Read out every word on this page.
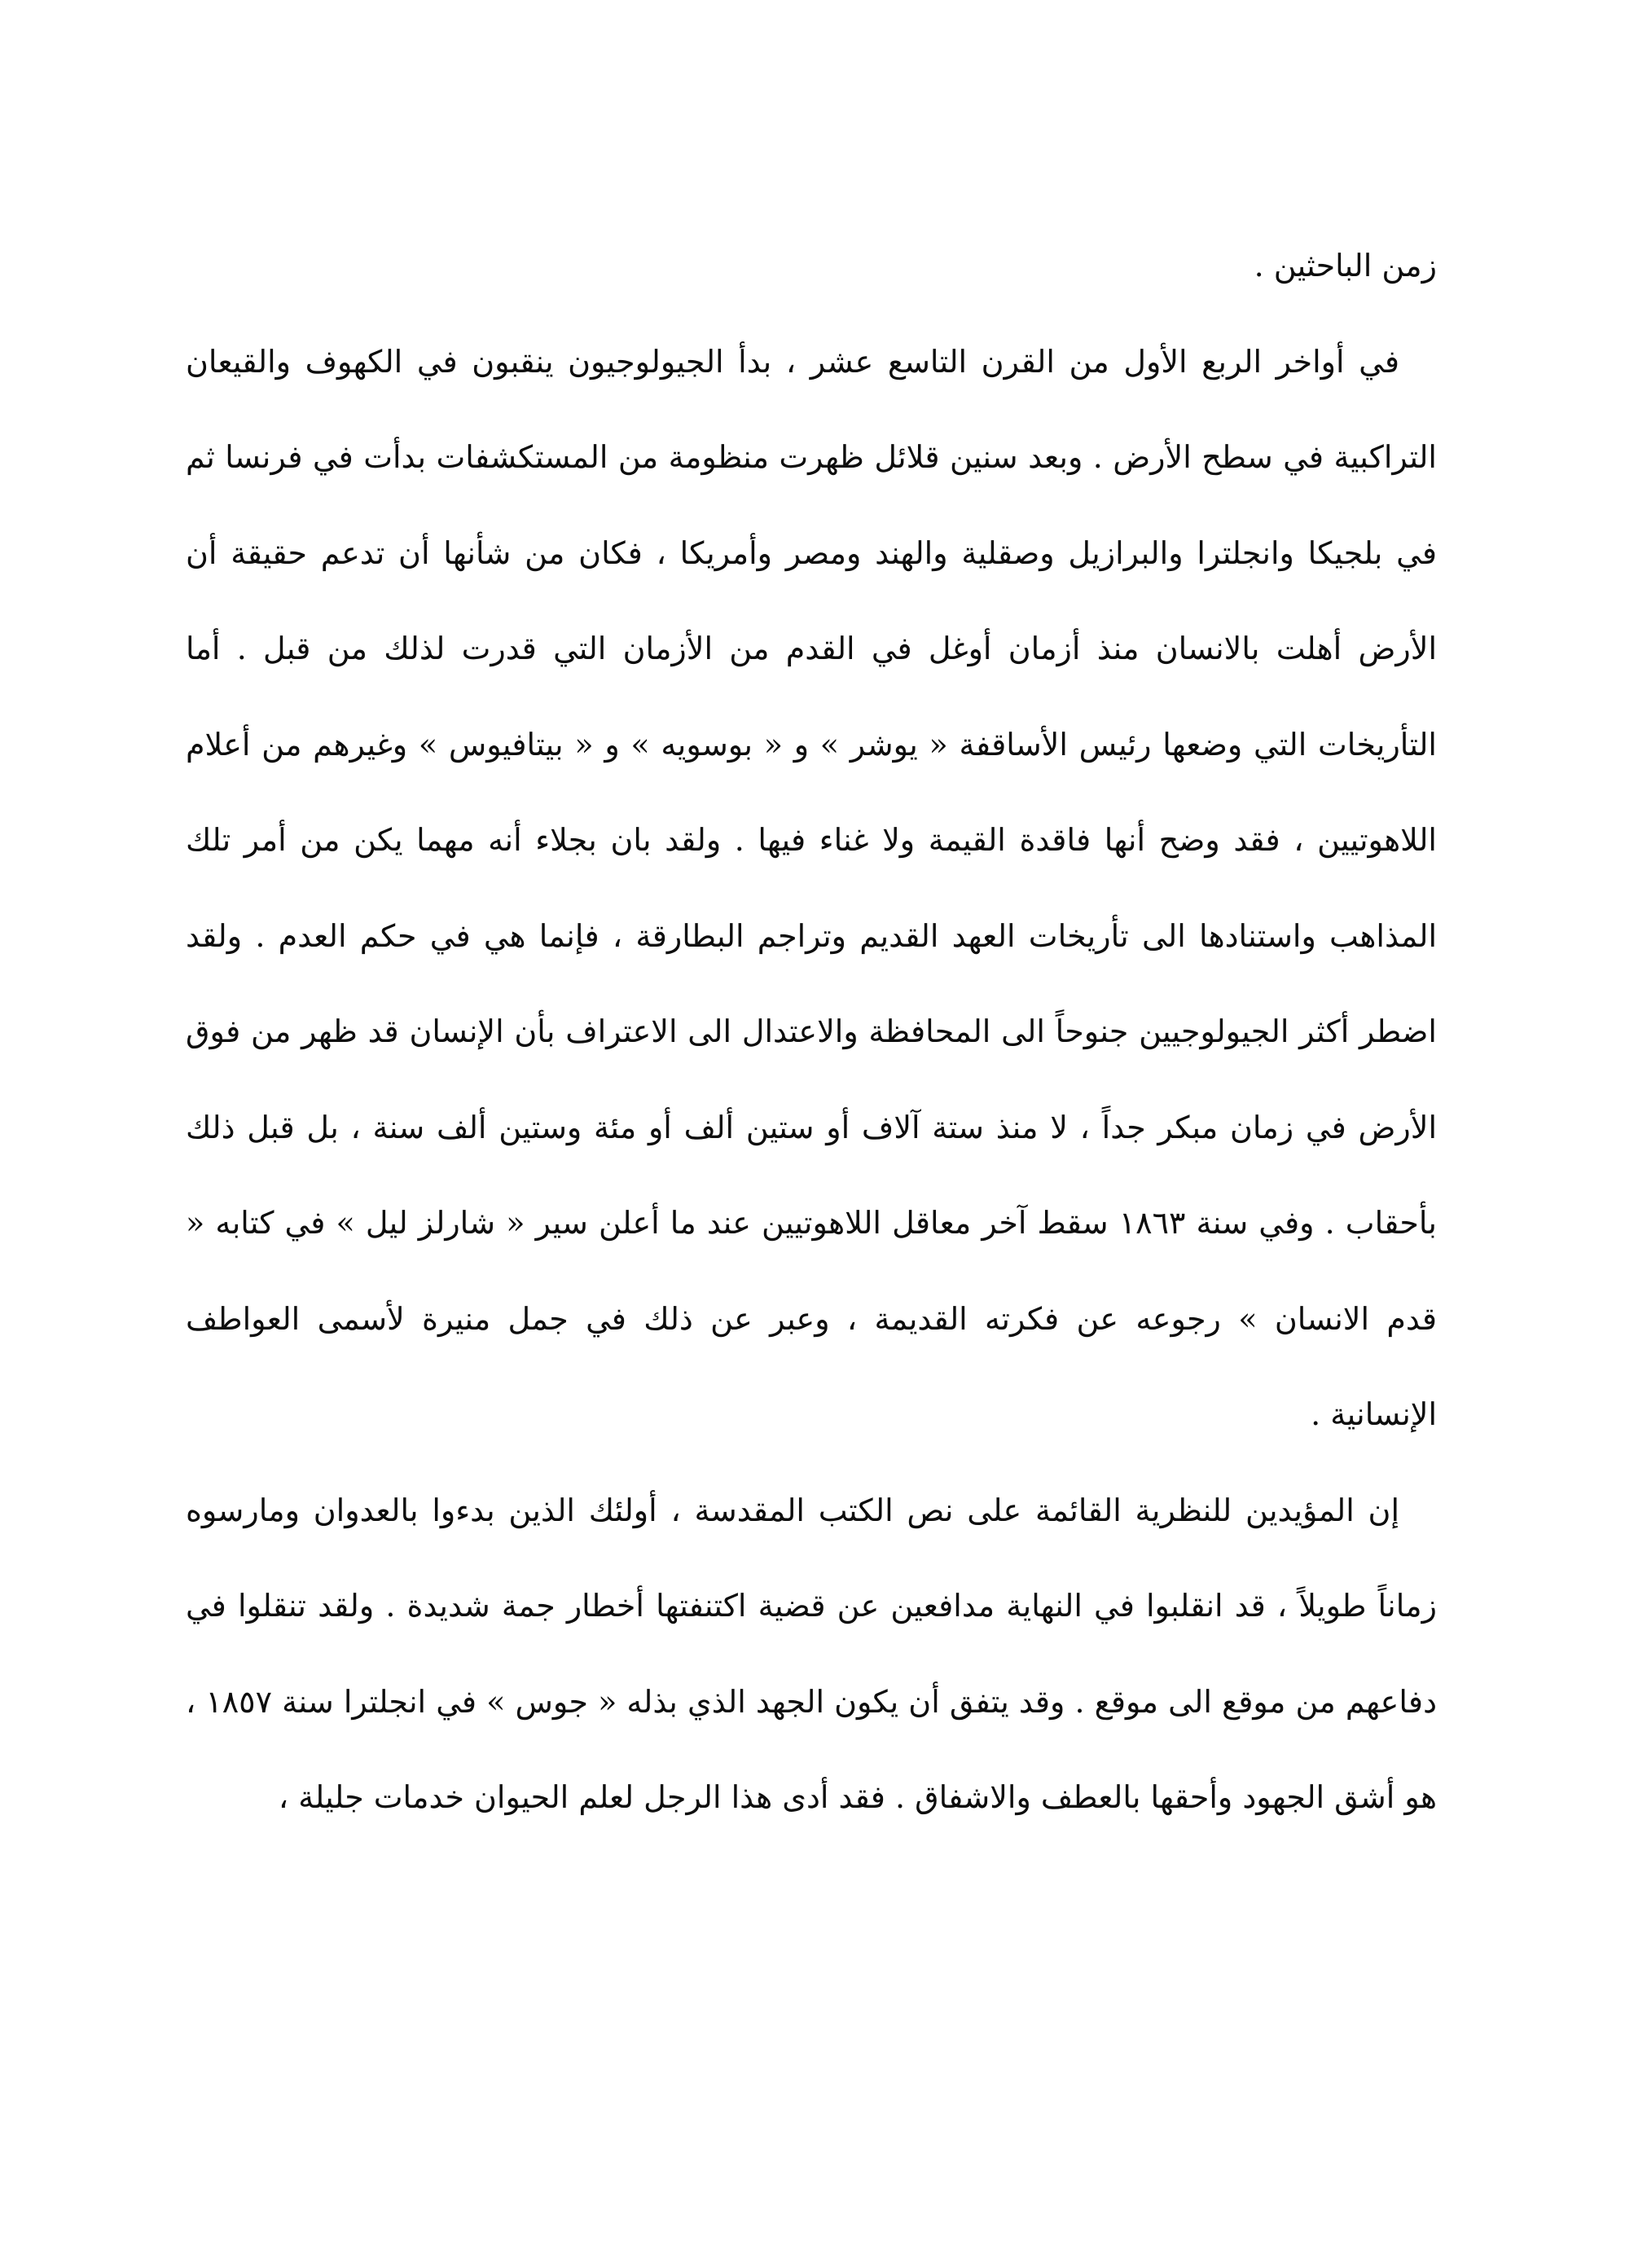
زمن الباحثين .

في أواخر الربع الأول من القرن التاسع عشر ، بدأ الجيولوجيون ينقبون في الكهوف والقيعان التراكبية في سطح الأرض . وبعد سنين قلائل ظهرت منظومة من المستكشفات بدأت في فرنسا ثم في بلجيكا وانجلترا والبرازيل وصقلية والهند ومصر وأمريكا ، فكان من شأنها أن تدعم حقيقة أن الأرض أهلت بالانسان منذ أزمان أوغل في القدم من الأزمان التي قدرت لذلك من قبل . أما التأريخات التي وضعها رئيس الأساقفة « يوشر » و « بوسويه » و « بيتافيوس » وغيرهم من أعلام اللاهوتيين ، فقد وضح أنها فاقدة القيمة ولا غناء فيها . ولقد بان بجلاء أنه مهما يكن من أمر تلك المذاهب واستنادها الى تأريخات العهد القديم وتراجم البطارقة ، فإنما هي في حكم العدم . ولقد اضطر أكثر الجيولوجيين جنوحاً الى المحافظة والاعتدال الى الاعتراف بأن الإنسان قد ظهر من فوق الأرض في زمان مبكر جداً ، لا منذ ستة آلاف أو ستين ألف أو مئة وستين ألف سنة ، بل قبل ذلك بأحقاب . وفي سنة ١٨٦٣ سقط آخر معاقل اللاهوتيين عند ما أعلن سير « شارلز ليل » في كتابه « قدم الانسان » رجوعه عن فكرته القديمة ، وعبر عن ذلك في جمل منيرة لأسمى العواطف الإنسانية .

إن المؤيدين للنظرية القائمة على نص الكتب المقدسة ، أولئك الذين بدءوا بالعدوان ومارسوه زماناً طويلاً ، قد انقلبوا في النهاية مدافعين عن قضية اكتنفتها أخطار جمة شديدة . ولقد تنقلوا في دفاعهم من موقع الى موقع . وقد يتفق أن يكون الجهد الذي بذله « جوس » في انجلترا سنة ١٨٥٧ ، هو أشق الجهود وأحقها بالعطف والاشفاق . فقد أدى هذا الرجل لعلم الحيوان خدمات جليلة ،
